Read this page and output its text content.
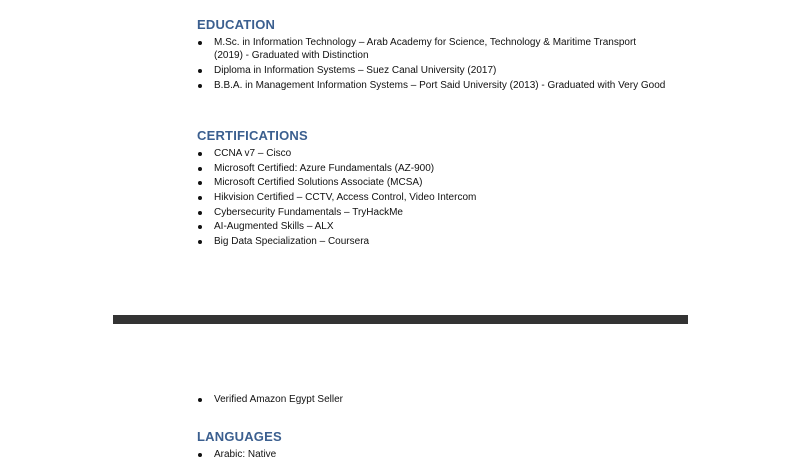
EDUCATION
M.Sc. in Information Technology – Arab Academy for Science, Technology & Maritime Transport (2019) - Graduated with Distinction
Diploma in Information Systems – Suez Canal University (2017)
B.B.A. in Management Information Systems – Port Said University (2013) - Graduated with Very Good
CERTIFICATIONS
CCNA v7 – Cisco
Microsoft Certified: Azure Fundamentals (AZ-900)
Microsoft Certified Solutions Associate (MCSA)
Hikvision Certified – CCTV, Access Control, Video Intercom
Cybersecurity Fundamentals – TryHackMe
AI-Augmented Skills – ALX
Big Data Specialization – Coursera
Verified Amazon Egypt Seller
LANGUAGES
Arabic: Native
